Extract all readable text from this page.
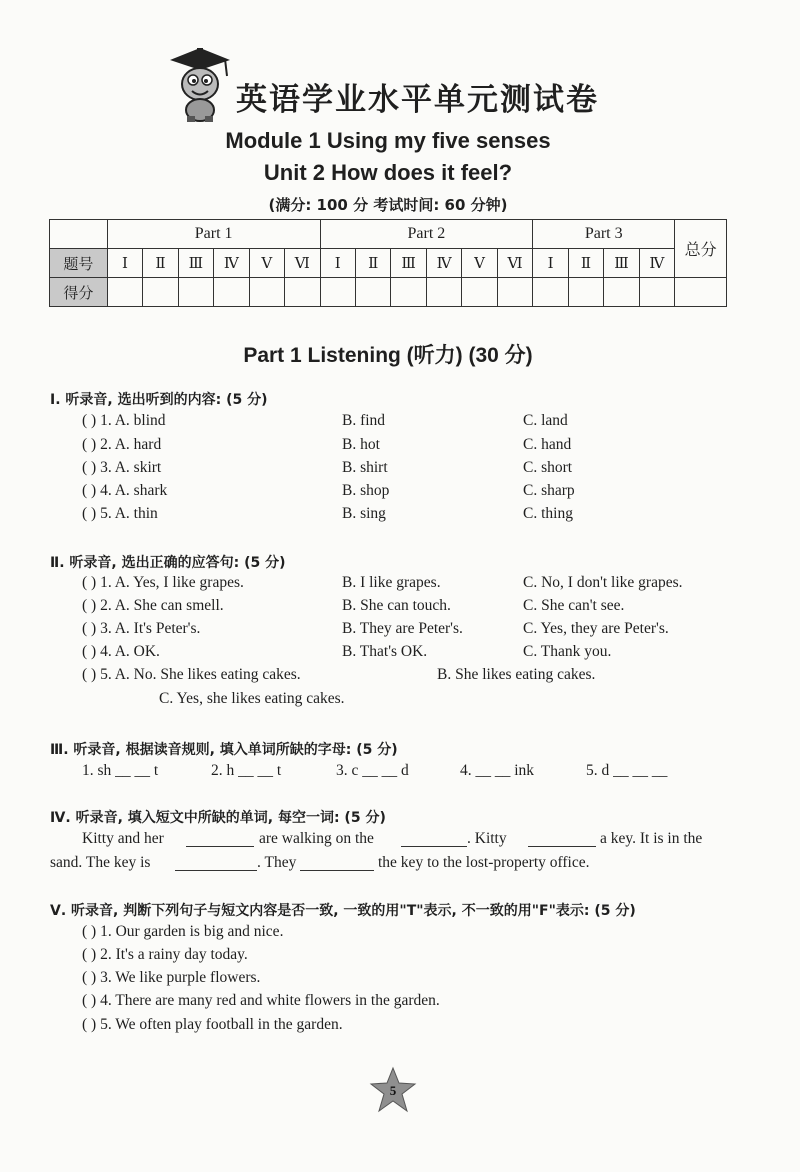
英语学业水平单元测试卷
Module 1 Using my five senses
Unit 2 How does it feel?
(满分: 100 分 考试时间: 60 分钟)
	Part 1						Part 2						Part 3				总分
题号	Ⅰ	Ⅱ	Ⅲ	Ⅳ	Ⅴ	Ⅵ	Ⅰ	Ⅱ	Ⅲ	Ⅳ	Ⅴ	Ⅵ	Ⅰ	Ⅱ	Ⅲ	Ⅳ	
得分																	
Part 1 Listening (听力) (30 分)
Ⅰ. 听录音, 选出听到的内容: (5 分)
( ) 1. A. blind	B. find	C. land
( ) 2. A. hard	B. hot	C. hand
( ) 3. A. skirt	B. shirt	C. short
( ) 4. A. shark	B. shop	C. sharp
( ) 5. A. thin	B. sing	C. thing
Ⅱ. 听录音, 选出正确的应答句: (5 分)
( ) 1. A. Yes, I like grapes.	B. I like grapes.	C. No, I don't like grapes.
( ) 2. A. She can smell.	B. She can touch.	C. She can't see.
( ) 3. A. It's Peter's.	B. They are Peter's.	C. Yes, they are Peter's.
( ) 4. A. OK.	B. That's OK.	C. Thank you.
( ) 5. A. No. She likes eating cakes.	B. She likes eating cakes.
C. Yes, she likes eating cakes.
Ⅲ. 听录音, 根据读音规则, 填入单词所缺的字母: (5 分)
1. sh __ __ t	2. h __ __ t	3. c __ __ d	4. __ __ ink	5. d __ __ __
Ⅳ. 听录音, 填入短文中所缺的单词, 每空一词: (5 分)
Kitty and her	are walking on the	. Kitty	a key. It is in the
sand. The key is	. They	the key to the lost-property office.
Ⅴ. 听录音, 判断下列句子与短文内容是否一致, 一致的用"T"表示, 不一致的用"F"表示: (5 分)
( ) 1. Our garden is big and nice.
( ) 2. It's a rainy day today.
( ) 3. We like purple flowers.
( ) 4. There are many red and white flowers in the garden.
( ) 5. We often play football in the garden.
5
